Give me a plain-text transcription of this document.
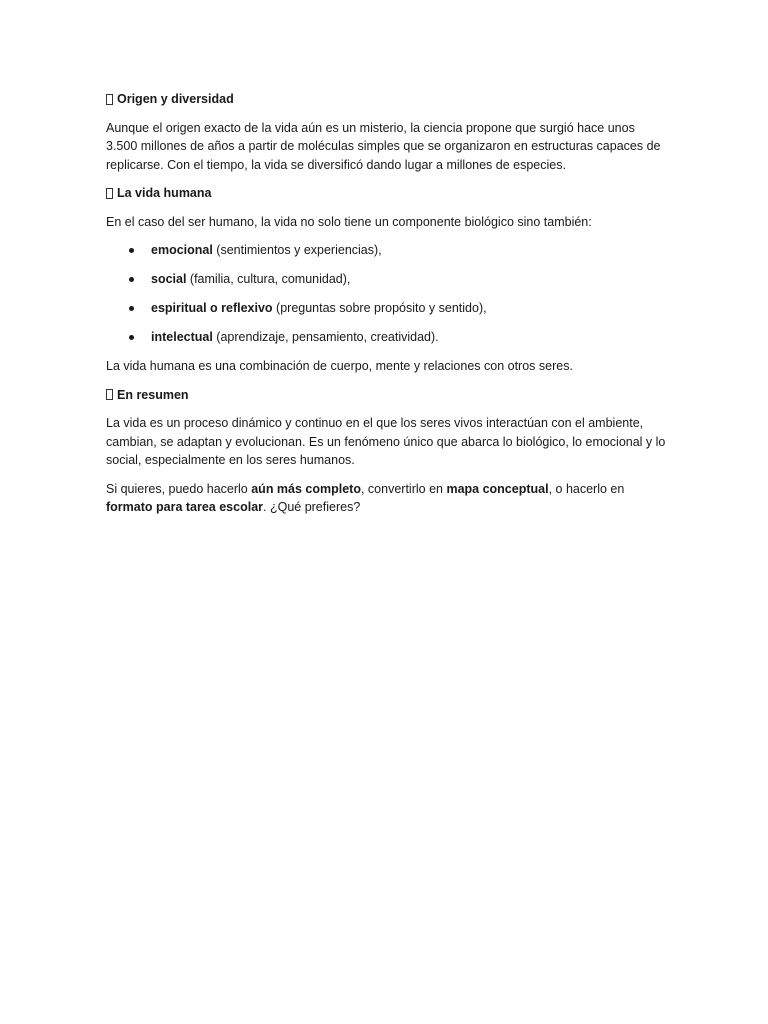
Origen y diversidad

Aunque el origen exacto de la vida aún es un misterio, la ciencia propone que surgió hace unos 3.500 millones de años a partir de moléculas simples que se organizaron en estructuras capaces de replicarse. Con el tiempo, la vida se diversificó dando lugar a millones de especies.

La vida humana

En el caso del ser humano, la vida no solo tiene un componente biológico sino también:

emocional (sentimientos y experiencias),
social (familia, cultura, comunidad),
espiritual o reflexivo (preguntas sobre propósito y sentido),
intelectual (aprendizaje, pensamiento, creatividad).

La vida humana es una combinación de cuerpo, mente y relaciones con otros seres.

En resumen

La vida es un proceso dinámico y continuo en el que los seres vivos interactúan con el ambiente, cambian, se adaptan y evolucionan. Es un fenómeno único que abarca lo biológico, lo emocional y lo social, especialmente en los seres humanos.

Si quieres, puedo hacerlo aún más completo, convertirlo en mapa conceptual, o hacerlo en formato para tarea escolar. ¿Qué prefieres?
